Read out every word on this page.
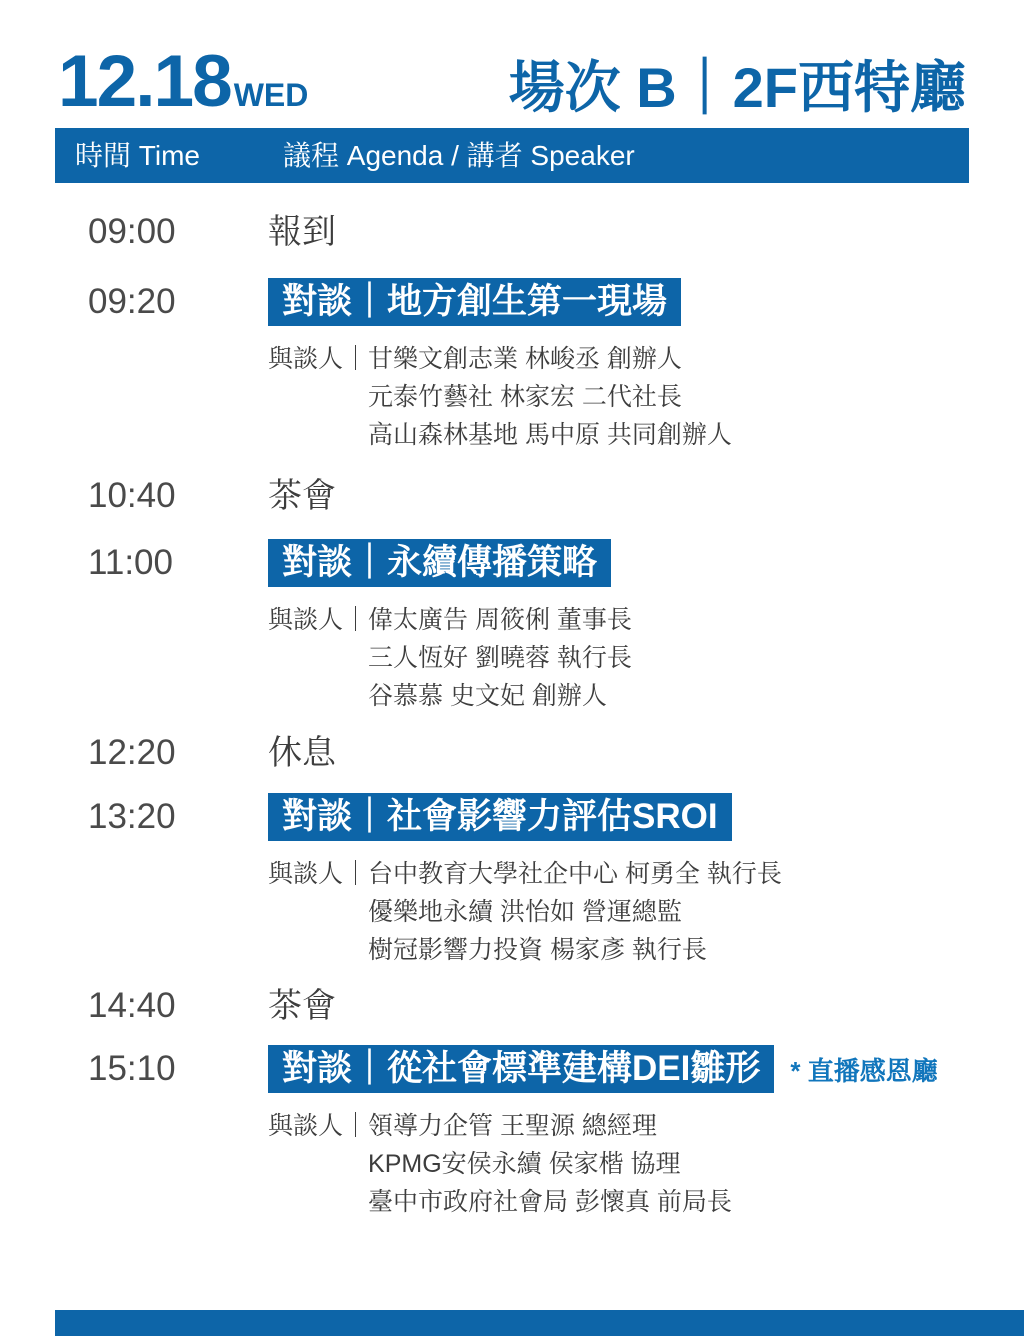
12.18WED	場次 B｜2F西特廳
時間 Time	議程 Agenda / 講者 Speaker
09:00	報到
09:20	對談｜地方創生第一現場
與談人｜ 甘樂文創志業 林峻丞 創辦人
元泰竹藝社 林家宏 二代社長
高山森林基地 馬中原 共同創辦人
10:40	茶會
11:00	對談｜永續傳播策略
與談人｜ 偉太廣告 周筱俐 董事長
三人恆好 劉曉蓉 執行長
谷慕慕 史文妃 創辦人
12:20	休息
13:20	對談｜社會影響力評估SROI
與談人｜ 台中教育大學社企中心 柯勇全 執行長
優樂地永續 洪怡如 營運總監
樹冠影響力投資 楊家彥 執行長
14:40	茶會
15:10	對談｜從社會標準建構DEI雛形	* 直播感恩廳
與談人｜ 領導力企管 王聖源 總經理
KPMG安侯永續 侯家楷 協理
臺中市政府社會局 彭懷真 前局長
